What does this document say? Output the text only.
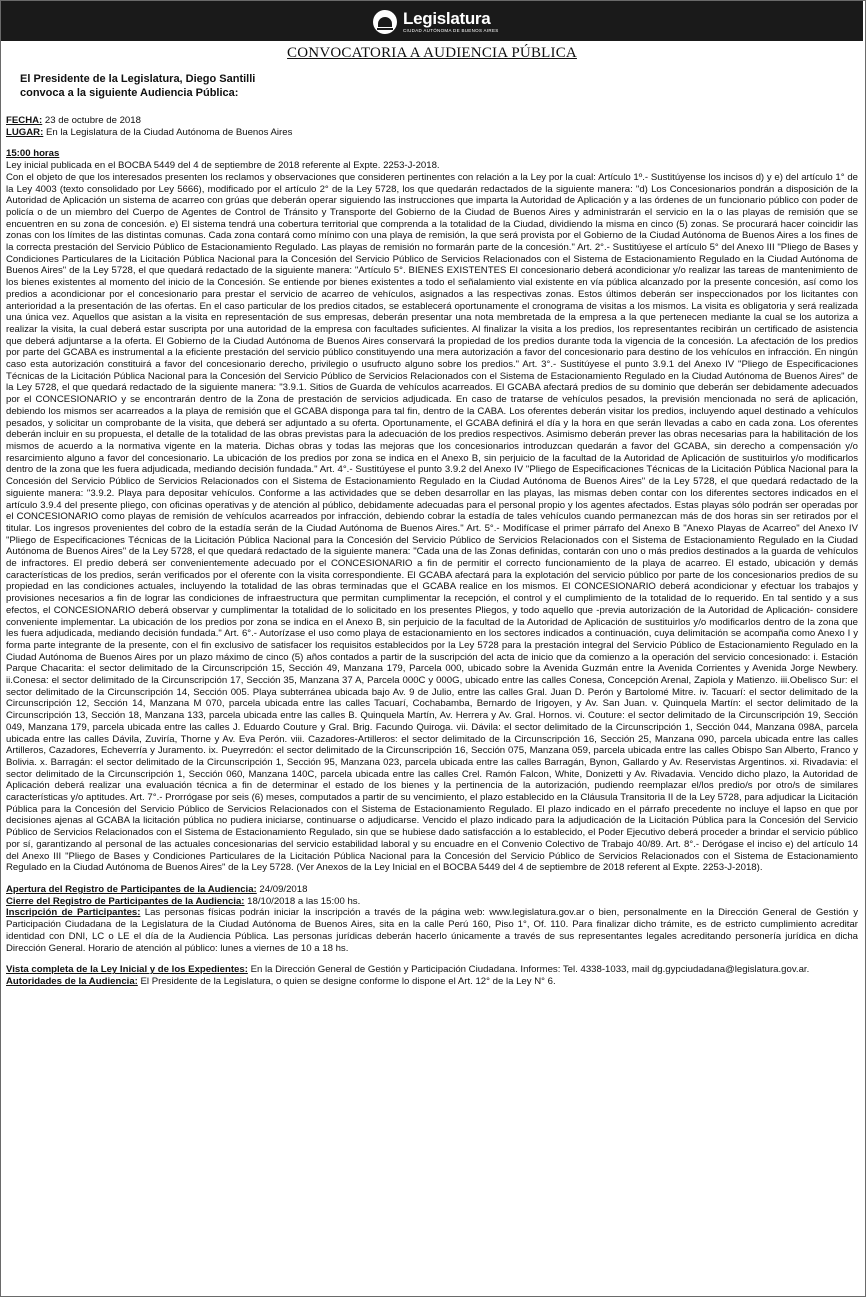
Legislatura
CIUDAD AUTÓNOMA DE BUENOS AIRES
CONVOCATORIA A AUDIENCIA PÚBLICA
El Presidente de la Legislatura, Diego Santilli
convoca a la siguiente Audiencia Pública:
FECHA: 23 de octubre de 2018
LUGAR: En la Legislatura de la Ciudad Autónoma de Buenos Aires
15:00 horas
Ley inicial publicada en el BOCBA 5449 del 4 de septiembre de 2018 referente al Expte. 2253-J-2018.

Con el objeto de que los interesados presenten los reclamos y observaciones que consideren pertinentes con relación a la Ley por la cual: Artículo 1º.- Sustitúyense los incisos d) y e) del artículo 1° de la Ley 4003 (texto consolidado por Ley 5666), modificado por el artículo 2° de la Ley 5728, los que quedarán redactados de la siguiente manera: "d) Los Concesionarios pondrán a disposición de la Autoridad de Aplicación un sistema de acarreo con grúas que deberán operar siguiendo las instrucciones que imparta la Autoridad de Aplicación y a las órdenes de un funcionario público con poder de policía o de un miembro del Cuerpo de Agentes de Control de Tránsito y Transporte del Gobierno de la Ciudad de Buenos Aires y administrarán el servicio en la o las playas de remisión que se encuentren en su zona de concesión. e) El sistema tendrá una cobertura territorial que comprenda a la totalidad de la Ciudad, dividiendo la misma en cinco (5) zonas. Se procurará hacer coincidir las zonas con los límites de las distintas comunas. Cada zona contará como mínimo con una playa de remisión, la que será provista por el Gobierno de la Ciudad Autónoma de Buenos Aires a los fines de la correcta prestación del Servicio Público de Estacionamiento Regulado. Las playas de remisión no formarán parte de la concesión." Art. 2°.- Sustitúyese el artículo 5° del Anexo III "Pliego de Bases y Condiciones Particulares de la Licitación Pública Nacional para la Concesión del Servicio Público de Servicios Relacionados con el Sistema de Estacionamiento Regulado en la Ciudad Autónoma de Buenos Aires" de la Ley 5728, el que quedará redactado de la siguiente manera: "Artículo 5°. BIENES EXISTENTES El concesionario deberá acondicionar y/o realizar las tareas de mantenimiento de los bienes existentes al momento del inicio de la Concesión. Se entiende por bienes existentes a todo el señalamiento vial existente en vía pública alcanzado por la presente concesión, así como los predios a acondicionar por el concesionario para prestar el servicio de acarreo de vehículos, asignados a las respectivas zonas. Estos últimos deberán ser inspeccionados por los licitantes con anterioridad a la presentación de las ofertas. En el caso particular de los predios citados, se establecerá oportunamente el cronograma de visitas a los mismos. La visita es obligatoria y será realizada una única vez. Aquellos que asistan a la visita en representación de sus empresas, deberán presentar una nota membretada de la empresa a la que pertenecen mediante la cual se los autoriza a realizar la visita, la cual deberá estar suscripta por una autoridad de la empresa con facultades suficientes. Al finalizar la visita a los predios, los representantes recibirán un certificado de asistencia que deberá adjuntarse a la oferta. El Gobierno de la Ciudad Autónoma de Buenos Aires conservará la propiedad de los predios durante toda la vigencia de la concesión. La afectación de los predios por parte del GCABA es instrumental a la eficiente prestación del servicio público constituyendo una mera autorización a favor del concesionario para destino de los vehículos en infracción. En ningún caso esta autorización constituirá a favor del concesionario derecho, privilegio o usufructo alguno sobre los predios." Art. 3°.- Sustitúyese el punto 3.9.1 del Anexo IV "Pliego de Especificaciones Técnicas de la Licitación Pública Nacional para la Concesión del Servicio Público de Servicios Relacionados con el Sistema de Estacionamiento Regulado en la Ciudad Autónoma de Buenos Aires" de la Ley 5728, el que quedará redactado de la siguiente manera: "3.9.1. Sitios de Guarda de vehículos acarreados. El GCABA afectará predios de su dominio que deberán ser debidamente adecuados por el CONCESIONARIO y se encontrarán dentro de la Zona de prestación de servicios adjudicada. En caso de tratarse de vehículos pesados, la previsión mencionada no será de aplicación, debiendo los mismos ser acarreados a la playa de remisión que el GCABA disponga para tal fin, dentro de la CABA. Los oferentes deberán visitar los predios, incluyendo aquel destinado a vehículos pesados, y solicitar un comprobante de la visita, que deberá ser adjuntado a su oferta. Oportunamente, el GCABA definirá el día y la hora en que serán llevadas a cabo en cada zona. Los oferentes deberán incluir en su propuesta, el detalle de la totalidad de las obras previstas para la adecuación de los predios respectivos. Asimismo deberán prever las obras necesarias para la habilitación de los mismos de acuerdo a la normativa vigente en la materia. Dichas obras y todas las mejoras que los concesionarios introduzcan quedarán a favor del GCABA, sin derecho a compensación y/o resarcimiento alguno a favor del concesionario. La ubicación de los predios por zona se indica en el Anexo B, sin perjuicio de la facultad de la Autoridad de Aplicación de sustituirlos y/o modificarlos dentro de la zona que les fuera adjudicada, mediando decisión fundada." Art. 4°.- Sustitúyese el punto 3.9.2 del Anexo IV "Pliego de Especificaciones Técnicas de la Licitación Pública Nacional para la Concesión del Servicio Público de Servicios Relacionados con el Sistema de Estacionamiento Regulado en la Ciudad Autónoma de Buenos Aires" de la Ley 5728, el que quedará redactado de la siguiente manera: "3.9.2. Playa para depositar vehículos. Conforme a las actividades que se deben desarrollar en las playas, las mismas deben contar con los diferentes sectores indicados en el artículo 3.9.4 del presente pliego, con oficinas operativas y de atención al público, debidamente adecuadas para el personal propio y los agentes afectados. Estas playas sólo podrán ser operadas por el CONCESIONARIO como playas de remisión de vehículos acarreados por infracción, debiendo cobrar la estadía de tales vehículos cuando permanezcan más de dos horas sin ser retirados por el titular. Los ingresos provenientes del cobro de la estadía serán de la Ciudad Autónoma de Buenos Aires." Art. 5°.- Modifícase el primer párrafo del Anexo B "Anexo Playas de Acarreo" del Anexo IV "Pliego de Especificaciones Técnicas de la Licitación Pública Nacional para la Concesión del Servicio Público de Servicios Relacionados con el Sistema de Estacionamiento Regulado en la Ciudad Autónoma de Buenos Aires" de la Ley 5728, el que quedará redactado de la siguiente manera: "Cada una de las Zonas definidas, contarán con uno o más predios destinados a la guarda de vehículos de infractores. El predio deberá ser convenientemente adecuado por el CONCESIONARIO a fin de permitir el correcto funcionamiento de la playa de acarreo. El estado, ubicación y demás características de los predios, serán verificados por el oferente con la visita correspondiente. El GCABA afectará para la explotación del servicio público por parte de los concesionarios predios de su propiedad en las condiciones actuales, incluyendo la totalidad de las obras terminadas que el GCABA realice en los mismos. El CONCESIONARIO deberá acondicionar y efectuar los trabajos y provisiones necesarios a fin de lograr las condiciones de infraestructura que permitan cumplimentar la recepción, el control y el cumplimiento de la totalidad de lo requerido. En tal sentido y a sus efectos, el CONCESIONARIO deberá observar y cumplimentar la totalidad de lo solicitado en los presentes Pliegos, y todo aquello que -previa autorización de la Autoridad de Aplicación- considere conveniente implementar. La ubicación de los predios por zona se indica en el Anexo B, sin perjuicio de la facultad de la Autoridad de Aplicación de sustituirlos y/o modificarlos dentro de la zona que les fuera adjudicada, mediando decisión fundada." Art. 6°.- Autorízase el uso como playa de estacionamiento en los sectores indicados a continuación, cuya delimitación se acompaña como Anexo I y forma parte integrante de la presente, con el fin exclusivo de satisfacer los requisitos establecidos por la Ley 5728 para la prestación integral del Servicio Público de Estacionamiento Regulado en la Ciudad Autónoma de Buenos Aires por un plazo máximo de cinco (5) años contados a partir de la suscripción del acta de inicio que da comienzo a la operación del servicio concesionado: i. Estación Parque Chacarita: el sector delimitado de la Circunscripción 15, Sección 49, Manzana 179, Parcela 000, ubicado sobre la Avenida Guzmán entre la Avenida Corrientes y Avenida Jorge Newbery. ii.Conesa: el sector delimitado de la Circunscripción 17, Sección 35, Manzana 37 A, Parcela 000C y 000G, ubicado entre las calles Conesa, Concepción Arenal, Zapiola y Matienzo. iii.Obelisco Sur: el sector delimitado de la Circunscripción 14, Sección 005. Playa subterránea ubicada bajo Av. 9 de Julio, entre las calles Gral. Juan D. Perón y Bartolomé Mitre. iv. Tacuarí: el sector delimitado de la Circunscripción 12, Sección 14, Manzana M 070, parcela ubicada entre las calles Tacuarí, Cochabamba, Bernardo de Irigoyen, y Av. San Juan. v. Quinquela Martín: el sector delimitado de la Circunscripción 13, Sección 18, Manzana 133, parcela ubicada entre las calles B. Quinquela Martín, Av. Herrera y Av. Gral. Hornos. vi. Couture: el sector delimitado de la Circunscripción 19, Sección 049, Manzana 179, parcela ubicada entre las calles J. Eduardo Couture y Gral. Brig. Facundo Quiroga. vii. Dávila: el sector delimitado de la Circunscripción 1, Sección 044, Manzana 098A, parcela ubicada entre las calles Dávila, Zuviría, Thorne y Av. Eva Perón. viii. Cazadores-Artilleros: el sector delimitado de la Circunscripción 16, Sección 25, Manzana 090, parcela ubicada entre las calles Artilleros, Cazadores, Echeverría y Juramento. ix. Pueyrredón: el sector delimitado de la Circunscripción 16, Sección 075, Manzana 059, parcela ubicada entre las calles Obispo San Alberto, Franco y Bolivia. x. Barragán: el sector delimitado de la Circunscripción 1, Sección 95, Manzana 023, parcela ubicada entre las calles Barragán, Bynon, Gallardo y Av. Reservistas Argentinos. xi. Rivadavia: el sector delimitado de la Circunscripción 1, Sección 060, Manzana 140C, parcela ubicada entre las calles Crel. Ramón Falcon, White, Donizetti y Av. Rivadavia. Vencido dicho plazo, la Autoridad de Aplicación deberá realizar una evaluación técnica a fin de determinar el estado de los bienes y la pertinencia de la autorización, pudiendo reemplazar el/los predio/s por otro/s de similares características y/o aptitudes. Art. 7°.- Prorrógase por seis (6) meses, computados a partir de su vencimiento, el plazo establecido en la Cláusula Transitoria II de la Ley 5728, para adjudicar la Licitación Pública para la Concesión del Servicio Público de Servicios Relacionados con el Sistema de Estacionamiento Regulado. El plazo indicado en el párrafo precedente no incluye el lapso en que por decisiones ajenas al GCABA la licitación pública no pudiera iniciarse, continuarse o adjudicarse. Vencido el plazo indicado para la adjudicación de la Licitación Pública para la Concesión del Servicio Público de Servicios Relacionados con el Sistema de Estacionamiento Regulado, sin que se hubiese dado satisfacción a lo establecido, el Poder Ejecutivo deberá proceder a brindar el servicio público por sí, garantizando al personal de las actuales concesionarias del servicio estabilidad laboral y su encuadre en el Convenio Colectivo de Trabajo 40/89. Art. 8°.- Derógase el inciso e) del artículo 14 del Anexo III "Pliego de Bases y Condiciones Particulares de la Licitación Pública Nacional para la Concesión del Servicio Público de Servicios Relacionados con el Sistema de Estacionamiento Regulado en la Ciudad Autónoma de Buenos Aires" de la Ley 5728. (Ver Anexos de la Ley Inicial en el BOCBA 5449 del 4 de septiembre de 2018 referent al Expte. 2253-J-2018).

Apertura del Registro de Participantes de la Audiencia: 24/09/2018
Cierre del Registro de Participantes de la Audiencia: 18/10/2018 a las 15:00 hs.

Inscripción de Participantes: Las personas físicas podrán iniciar la inscripción a través de la página web: www.legislatura.gov.ar o bien, personalmente en la Dirección General de Gestión y Participación Ciudadana de la Legislatura de la Ciudad Autónoma de Buenos Aires, sita en la calle Perú 160, Piso 1°, Of. 110. Para finalizar dicho trámite, es de estricto cumplimiento acreditar identidad con DNI, LC o LE el día de la Audiencia Pública. Las personas jurídicas deberán hacerlo únicamente a través de sus representantes legales acreditando personería jurídica en dicha Dirección General. Horario de atención al público: lunes a viernes de 10 a 18 hs.

Vista completa de la Ley Inicial y de los Expedientes: En la Dirección General de Gestión y Participación Ciudadana. Informes: Tel. 4338-1033, mail dg.gypciudadana@legislatura.gov.ar.

Autoridades de la Audiencia: El Presidente de la Legislatura, o quien se designe conforme lo dispone el Art. 12° de la Ley N° 6.
